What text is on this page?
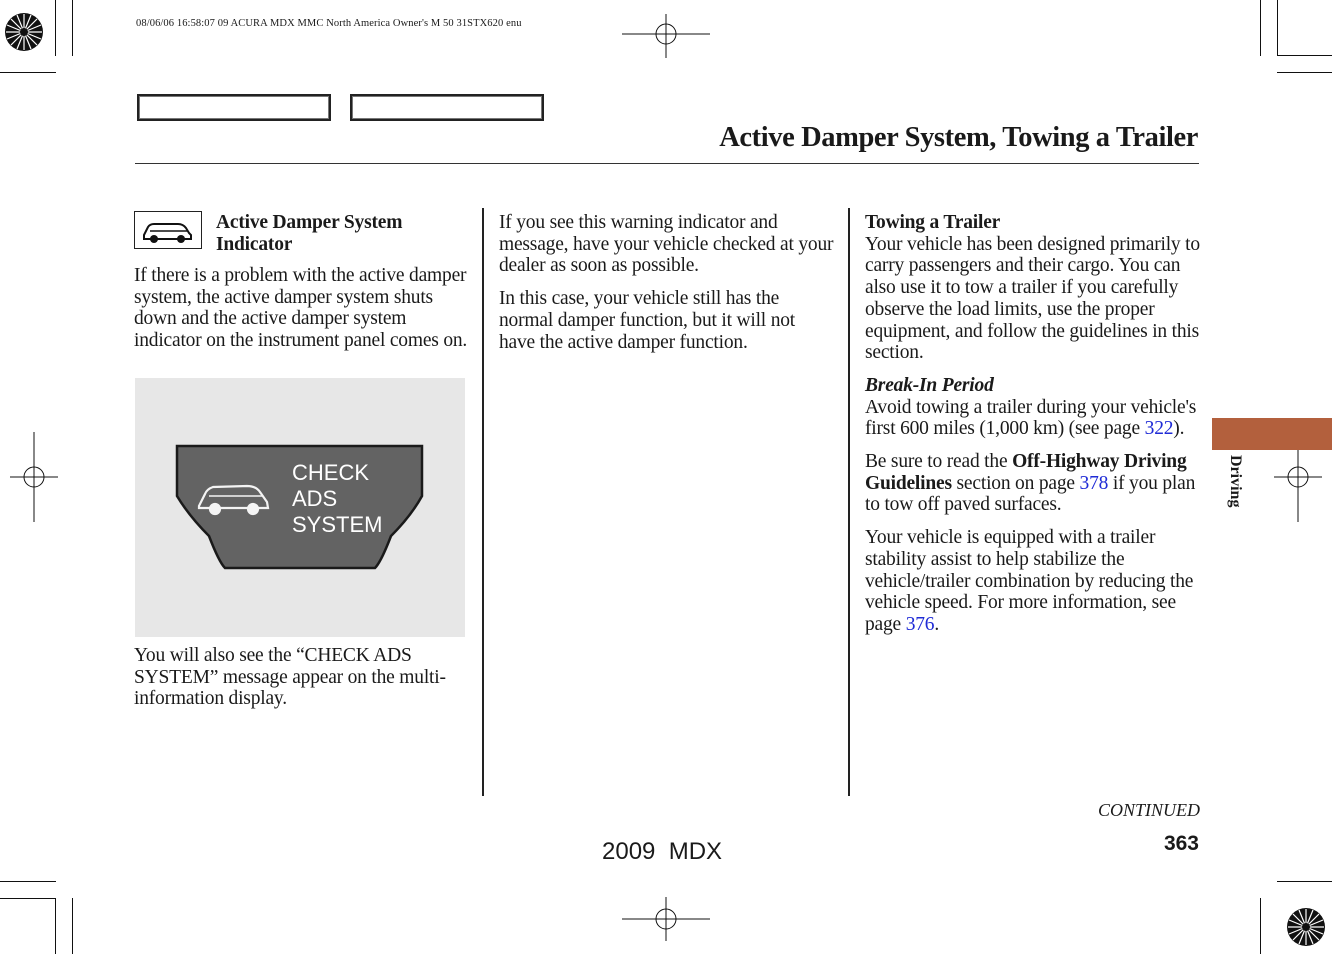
08/06/06 16:58:07 09 ACURA MDX MMC North America Owner's M 50 31STX620 enu
Active Damper System, Towing a Trailer
Active Damper System Indicator

If there is a problem with the active damper system, the active damper system shuts down and the active damper system indicator on the instrument panel comes on.

CHECK
ADS
SYSTEM

You will also see the “CHECK ADS SYSTEM” message appear on the multi-information display.

If you see this warning indicator and message, have your vehicle checked at your dealer as soon as possible.

In this case, your vehicle still has the normal damper function, but it will not have the active damper function.

Towing a Trailer

Your vehicle has been designed primarily to carry passengers and their cargo. You can also use it to tow a trailer if you carefully observe the load limits, use the proper equipment, and follow the guidelines in this section.

Break-In Period

Avoid towing a trailer during your vehicle's first 600 miles (1,000 km) (see page 322).

Be sure to read the Off-Highway Driving Guidelines section on page 378 if you plan to tow off paved surfaces.

Your vehicle is equipped with a trailer stability assist to help stabilize the vehicle/trailer combination by reducing the vehicle speed. For more information, see page 376.

Driving
CONTINUED
363
2009  MDX
